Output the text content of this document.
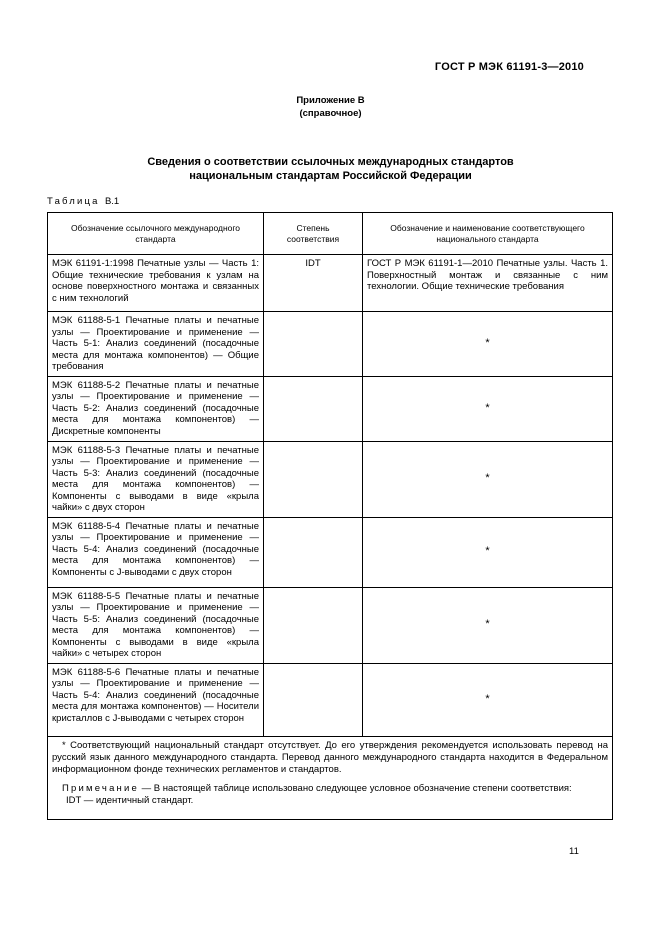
ГОСТ Р МЭК 61191-3—2010
Приложение В
(справочное)
Сведения о соответствии ссылочных международных стандартов
национальным стандартам Российской Федерации
Таблица В.1
Обозначение ссылочного международного стандарта	Степень соответствия	Обозначение и наименование соответствующего национального стандарта
МЭК 61191-1:1998 Печатные узлы — Часть 1: Общие технические требования к узлам на основе поверхностного монтажа и связанных с ним технологий	IDT	ГОСТ Р МЭК 61191-1—2010 Печатные узлы. Часть 1. Поверхностный монтаж и связанные с ним технологии. Общие технические требования
МЭК 61188-5-1 Печатные платы и печатные узлы — Проектирование и применение — Часть 5-1: Анализ соединений (посадочные места для монтажа компонентов) — Общие требования		*
МЭК 61188-5-2 Печатные платы и печатные узлы — Проектирование и применение — Часть 5-2: Анализ соединений (посадочные места для монтажа компонентов) — Дискретные компоненты		*
МЭК 61188-5-3 Печатные платы и печатные узлы — Проектирование и применение — Часть 5-3: Анализ соединений (посадочные места для монтажа компонентов) — Компоненты с выводами в виде «крыла чайки» с двух сторон		*
МЭК 61188-5-4 Печатные платы и печатные узлы — Проектирование и применение — Часть 5-4: Анализ соединений (посадочные места для монтажа компонентов) — Компоненты с J-выводами с двух сторон		*
МЭК 61188-5-5 Печатные платы и печатные узлы — Проектирование и применение — Часть 5-5: Анализ соединений (посадочные места для монтажа компонентов) — Компоненты с выводами в виде «крыла чайки» с четырех сторон		*
МЭК 61188-5-6 Печатные платы и печатные узлы — Проектирование и применение — Часть 5-4: Анализ соединений (посадочные места для монтажа компонентов) — Носители кристаллов с J-выводами с четырех сторон		*

* Соответствующий национальный стандарт отсутствует. До его утверждения рекомендуется использовать перевод на русский язык данного международного стандарта. Перевод данного международного стандарта находится в Федеральном информационном фонде технических регламентов и стандартов.

Примечание — В настоящей таблице использовано следующее условное обозначение степени соответствия:

IDT — идентичный стандарт.		

11
